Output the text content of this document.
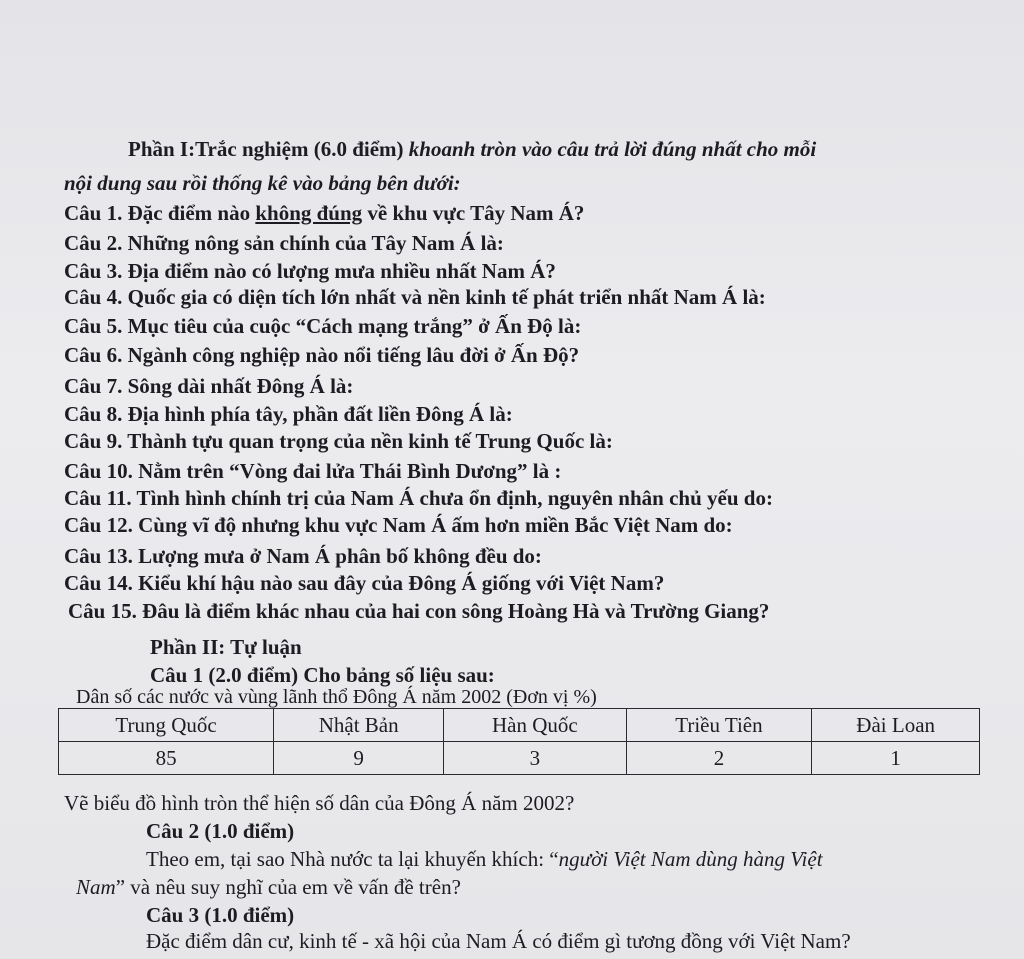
Phần I:Trắc nghiệm (6.0 điểm) khoanh tròn vào câu trả lời đúng nhất cho mỗi
nội dung sau rồi thống kê vào bảng bên dưới:
Câu 1. Đặc điểm nào không đúng về khu vực Tây Nam Á?
Câu 2. Những nông sản chính của Tây Nam Á là:
Câu 3. Địa điểm nào có lượng mưa nhiều nhất Nam Á?
Câu 4. Quốc gia có diện tích lớn nhất và nền kinh tế phát triển nhất Nam Á là:
Câu 5. Mục tiêu của cuộc “Cách mạng trắng” ở Ấn Độ là:
Câu 6. Ngành công nghiệp nào nổi tiếng lâu đời ở Ấn Độ?
Câu 7. Sông dài nhất Đông Á là:
Câu 8. Địa hình phía tây, phần đất liền Đông Á là:
Câu 9. Thành tựu quan trọng của nền kinh tế Trung Quốc là:
Câu 10. Nằm trên “Vòng đai lửa Thái Bình Dương” là :
Câu 11. Tình hình chính trị của Nam Á chưa ổn định, nguyên nhân chủ yếu do:
Câu 12. Cùng vĩ độ nhưng khu vực Nam Á ấm hơn miền Bắc Việt Nam do:
Câu 13. Lượng mưa ở Nam Á phân bố không đều do:
Câu 14. Kiểu khí hậu nào sau đây của Đông Á giống với Việt Nam?
Câu 15. Đâu là điểm khác nhau của hai con sông Hoàng Hà và Trường Giang?
Phần II: Tự luận
Câu 1 (2.0 điểm) Cho bảng số liệu sau:
Dân số các nước và vùng lãnh thổ Đông Á năm 2002 (Đơn vị %)
Trung Quốc	Nhật Bản	Hàn Quốc	Triều Tiên	Đài Loan
85	9	3	2	1
Vẽ biểu đồ hình tròn thể hiện số dân của Đông Á năm 2002?
Câu 2 (1.0 điểm)
Theo em, tại sao Nhà nước ta lại khuyến khích: “người Việt Nam dùng hàng Việt
Nam” và nêu suy nghĩ của em về vấn đề trên?
Câu 3 (1.0 điểm)
Đặc điểm dân cư, kinh tế - xã hội của Nam Á có điểm gì tương đồng với Việt Nam?
